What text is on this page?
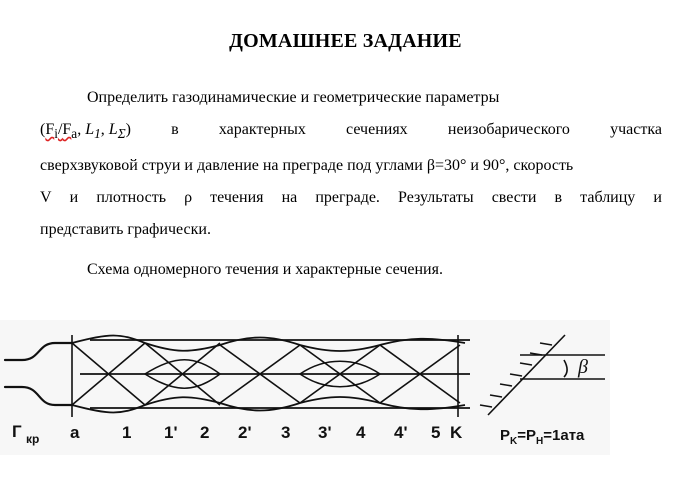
ДОМАШНЕЕ ЗАДАНИЕ
Определить газодинамические и геометрические параметры
($F_i/F_a$, $L_1$, $L_\Sigma$)	в	характерных	сечениях	неизобарического	участка
сверхзвуковой струи и давление на преграде под углами β=30° и 90°, скорость
V и плотность ρ течения на преграде. Результаты свести в таблицу и
представить графически.
Схема одномерного течения и характерные сечения.
Г кр a	1 1' 2 2' 3 3' 4 4' 5 K	$P_K=P_H=1ата$
β
